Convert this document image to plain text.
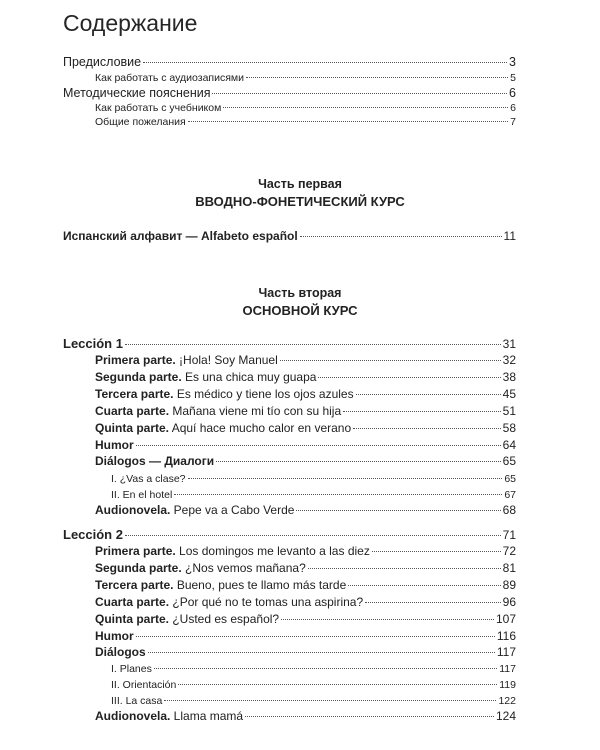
Содержание
Предисловие	3
Как работать с аудиозаписями	5
Методические пояснения	6
Как работать с учебником	6
Общие пожелания	7
Часть первая
ВВОДНО-ФОНЕТИЧЕСКИЙ КУРС
Испанский алфавит — Alfabeto español	11
Часть вторая
ОСНОВНОЙ КУРС
Lección 1	31
Primera parte. ¡Hola! Soy Manuel	32
Segunda parte. Es una chica muy guapa	38
Tercera parte. Es médico y tiene los ojos azules	45
Cuarta parte. Mañana viene mi tío con su hija	51
Quinta parte. Aquí hace mucho calor en verano	58
Humor	64
Diálogos — Диалоги	65
I. ¿Vas a clase?	65
II. En el hotel	67
Audionovela. Pepe va a Cabo Verde	68
Lección 2	71
Primera parte. Los domingos me levanto a las diez	72
Segunda parte. ¿Nos vemos mañana?	81
Tercera parte. Bueno, pues te llamo más tarde	89
Cuarta parte. ¿Por qué no te tomas una aspirina?	96
Quinta parte. ¿Usted es español?	107
Humor	116
Diálogos	117
I. Planes	117
II. Orientación	119
III. La casa	122
Audionovela. Llama mamá	124
